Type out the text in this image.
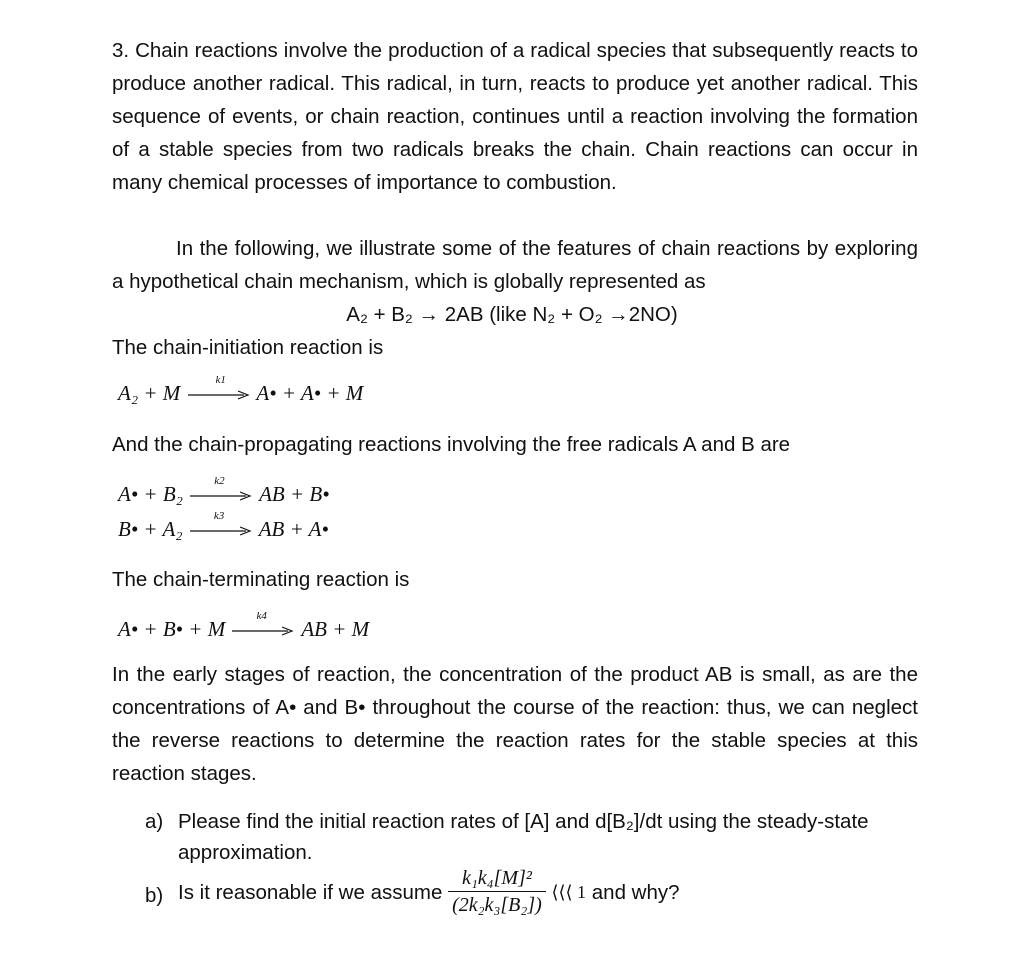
3. Chain reactions involve the production of a radical species that subsequently reacts to produce another radical. This radical, in turn, reacts to produce yet another radical. This sequence of events, or chain reaction, continues until a reaction involving the formation of a stable species from two radicals breaks the chain. Chain reactions can occur in many chemical processes of importance to combustion.

In the following, we illustrate some of the features of chain reactions by exploring a hypothetical chain mechanism, which is globally represented as

A₂ + B₂ → 2AB (like N₂ + O₂ →2NO)
The chain-initiation reaction is
A₂ + M
k1
A• + A• + M
And the chain-propagating reactions involving the free radicals A and B are
A• + B₂
k2
AB + B•
B• + A₂
k3
AB + A•
The chain-terminating reaction is
A• + B• + M
k4
AB + M

In the early stages of reaction, the concentration of the product AB is small, as are the concentrations of A• and B• throughout the course of the reaction: thus, we can neglect the reverse reactions to determine the reaction rates for the stable species at this reaction stages.

a) Please find the initial reaction rates of [A] and d[B₂]/dt using the steady-state approximation.
b) Is it reasonable if we assume $\frac{\text{k₁k₄[M]²}}{\text{(2k₂k₃[B₂])}}$ ⟨⟨⟨ 1 and why?
